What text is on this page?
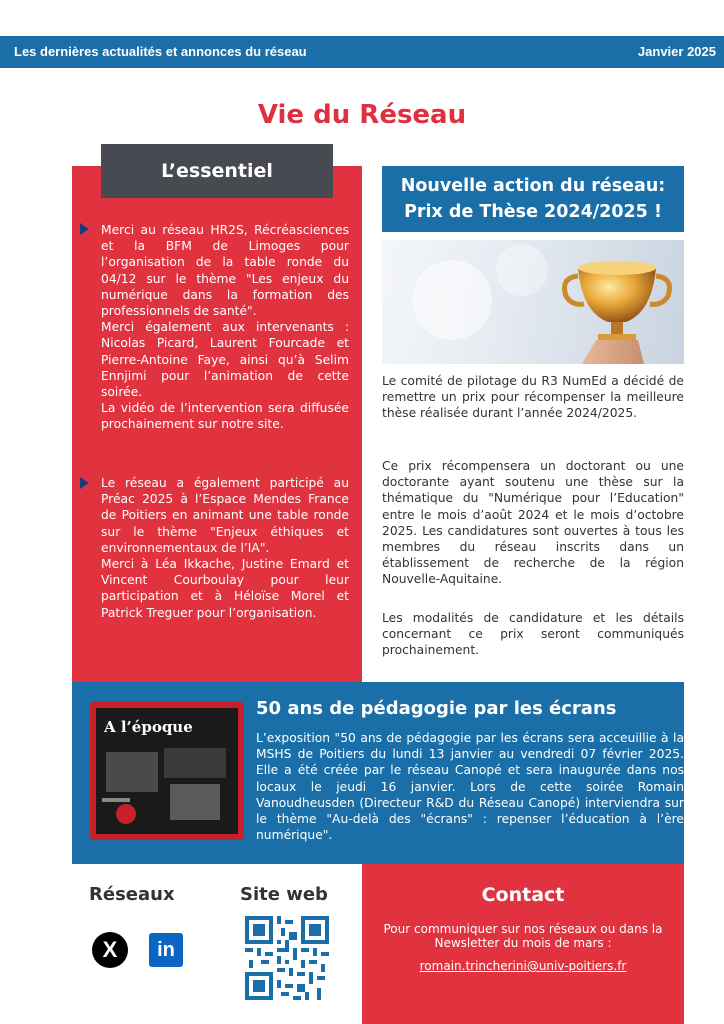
Les dernières actualités et annonces du réseau	Janvier 2025
Vie du Réseau
L’essentiel

Merci au réseau HR2S, Récréasciences et la BFM de Limoges pour l’organisation de la table ronde du 04/12 sur le thème "Les enjeux du numérique dans la formation des professionnels de santé".

Merci également aux intervenants : Nicolas Picard, Laurent Fourcade et Pierre-Antoine Faye, ainsi qu’à Selim Ennjimi pour l’animation de cette soirée.

La vidéo de l’intervention sera diffusée prochainement sur notre site.

Le réseau a également participé au Préac 2025 à l’Espace Mendes France de Poitiers en animant une table ronde sur le thème "Enjeux éthiques et environnementaux de l’IA".

Merci à Léa Ikkache, Justine Emard et Vincent Courboulay pour leur participation et à Héloïse Morel et Patrick Treguer pour l’organisation.

Nouvelle action du réseau:
Prix de Thèse 2024/2025 !
Le comité de pilotage du R3 NumEd a décidé de remettre un prix pour récompenser la meilleure thèse réalisée durant l’année 2024/2025.
Ce prix récompensera un doctorant ou une doctorante ayant soutenu une thèse sur la thématique du "Numérique pour l’Education" entre le mois d’août 2024 et le mois d’octobre 2025. Les candidatures sont ouvertes à tous les membres du réseau inscrits dans un établissement de recherche de la région Nouvelle-Aquitaine.
Les modalités de candidature et les détails concernant ce prix seront communiqués prochainement.
A l’époque
50 ans de pédagogie par les écrans
L’exposition "50 ans de pédagogie par les écrans sera acceuillie à la MSHS de Poitiers du lundi 13 janvier au vendredi 07 février 2025. Elle a été créée par le réseau Canopé et sera inaugurée dans nos locaux le jeudi 16 janvier. Lors de cette soirée Romain Vanoudheusden (Directeur R&D du Réseau Canopé) interviendra sur le thème "Au-delà des "écrans" : repenser l’éducation à l’ère numérique".
Réseaux	Site web
X	in
Contact
Pour communiquer sur nos réseaux ou dans la Newsletter du mois de mars :
romain.trincherini@univ-poitiers.fr
